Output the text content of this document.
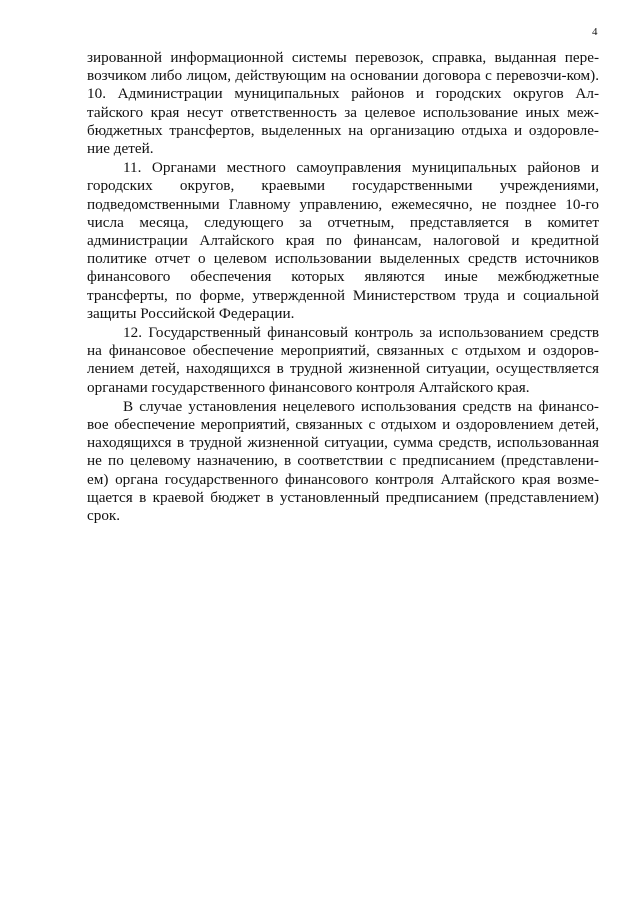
4

зированной информационной системы перевозок, справка, выданная пере-возчиком либо лицом, действующим на основании договора с перевозчи-ком). 10. Администрации муниципальных районов и городских округов Ал-тайского края несут ответственность за целевое использование иных меж-бюджетных трансфертов, выделенных на организацию отдыха и оздоровле-ние детей.

11. Органами местного самоуправления муниципальных районов и городских округов, краевыми государственными учреждениями, подведомственными Главному управлению, ежемесячно, не позднее 10-го числа месяца, следующего за отчетным, представляется в комитет администрации Алтайского края по финансам, налоговой и кредитной политике отчет о целевом использовании выделенных средств источников финансового обеспечения которых являются иные межбюджетные трансферты, по форме, утвержденной Министерством труда и социальной защиты Российской Федерации.

12. Государственный финансовый контроль за использованием средств на финансовое обеспечение мероприятий, связанных с отдыхом и оздоров-лением детей, находящихся в трудной жизненной ситуации, осуществляется органами государственного финансового контроля Алтайского края.

В случае установления нецелевого использования средств на финансо-вое обеспечение мероприятий, связанных с отдыхом и оздоровлением детей, находящихся в трудной жизненной ситуации, сумма средств, использованная не по целевому назначению, в соответствии с предписанием (представлени-ем) органа государственного финансового контроля Алтайского края возме-щается в краевой бюджет в установленный предписанием (представлением) срок.
